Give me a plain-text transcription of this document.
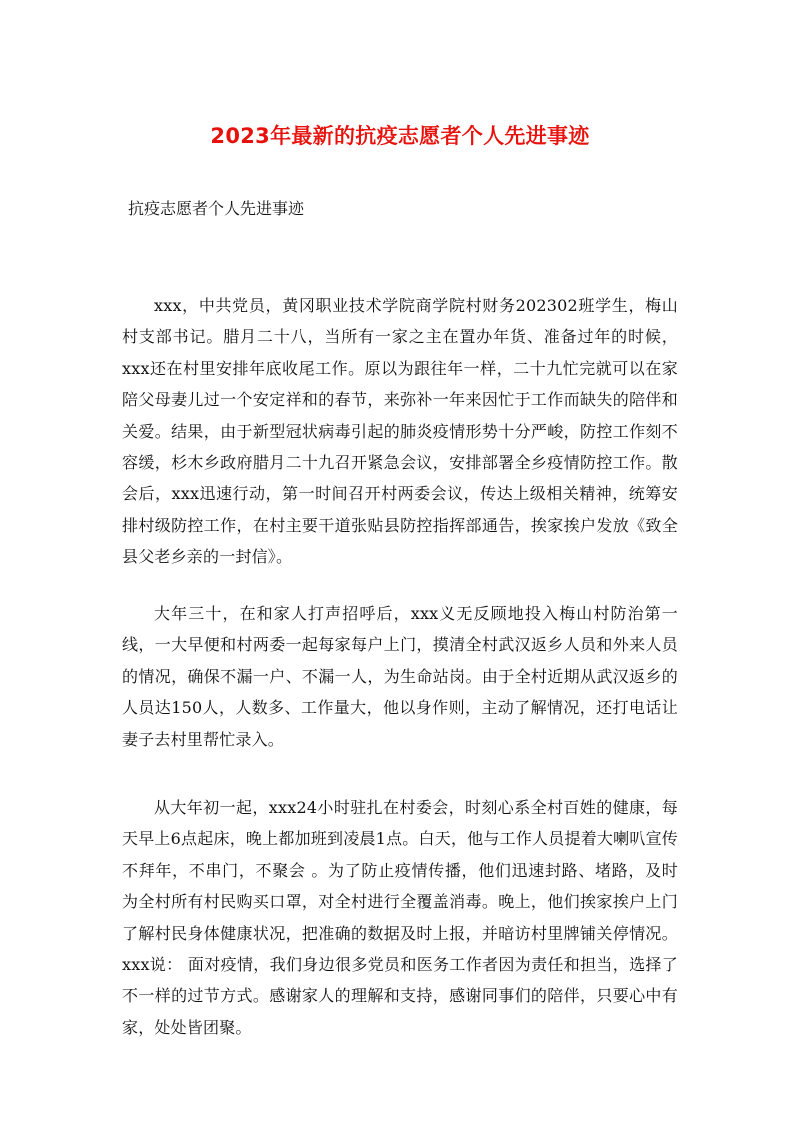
2023年最新的抗疫志愿者个人先进事迹

抗疫志愿者个人先进事迹

xxx，中共党员，黄冈职业技术学院商学院村财务202302班学生，梅山村支部书记。腊月二十八，当所有一家之主在置办年货、准备过年的时候，xxx还在村里安排年底收尾工作。原以为跟往年一样，二十九忙完就可以在家陪父母妻儿过一个安定祥和的春节，来弥补一年来因忙于工作而缺失的陪伴和关爱。结果，由于新型冠状病毒引起的肺炎疫情形势十分严峻，防控工作刻不容缓，杉木乡政府腊月二十九召开紧急会议，安排部署全乡疫情防控工作。散会后，xxx迅速行动，第一时间召开村两委会议，传达上级相关精神，统筹安排村级防控工作，在村主要干道张贴县防控指挥部通告，挨家挨户发放《致全县父老乡亲的一封信》。

大年三十，在和家人打声招呼后，xxx义无反顾地投入梅山村防治第一线，一大早便和村两委一起每家每户上门，摸清全村武汉返乡人员和外来人员的情况，确保不漏一户、不漏一人，为生命站岗。由于全村近期从武汉返乡的人员达150人，人数多、工作量大，他以身作则，主动了解情况，还打电话让妻子去村里帮忙录入。

从大年初一起，xxx24小时驻扎在村委会，时刻心系全村百姓的健康，每天早上6点起床，晚上都加班到凌晨1点。白天，他与工作人员提着大喇叭宣传不拜年，不串门，不聚会 。为了防止疫情传播，他们迅速封路、堵路，及时为全村所有村民购买口罩，对全村进行全覆盖消毒。晚上，他们挨家挨户上门了解村民身体健康状况，把准确的数据及时上报，并暗访村里牌铺关停情况。xxx说： 面对疫情，我们身边很多党员和医务工作者因为责任和担当，选择了不一样的过节方式。感谢家人的理解和支持，感谢同事们的陪伴，只要心中有家，处处皆团聚。
